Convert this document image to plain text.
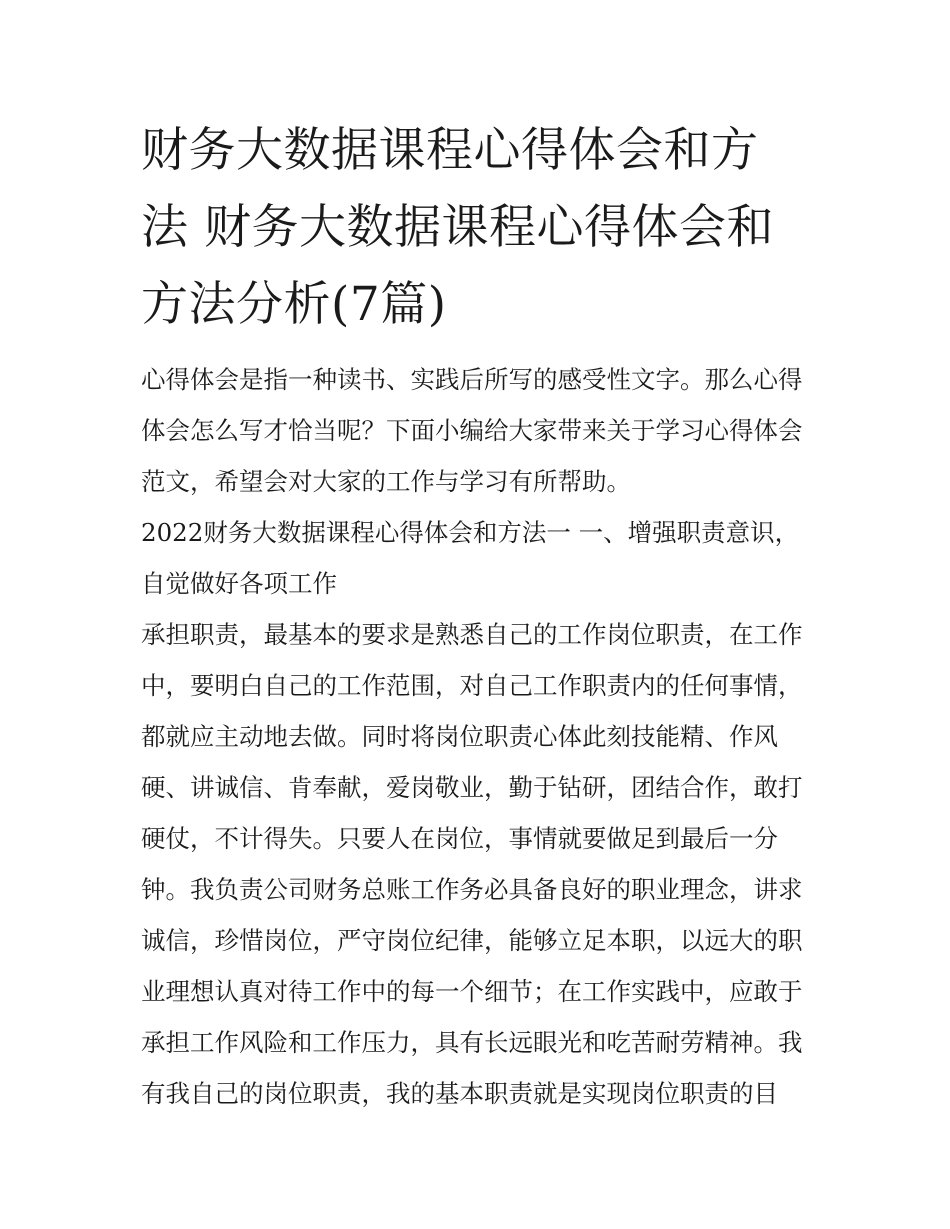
财务大数据课程心得体会和方
法 财务大数据课程心得体会和
方法分析(7篇)

心得体会是指一种读书、实践后所写的感受性文字。那么心得
体会怎么写才恰当呢？下面小编给大家带来关于学习心得体会
范文，希望会对大家的工作与学习有所帮助。

2022财务大数据课程心得体会和方法一 一、增强职责意识，
自觉做好各项工作

承担职责，最基本的要求是熟悉自己的工作岗位职责，在工作
中，要明白自己的工作范围，对自己工作职责内的任何事情，
都就应主动地去做。同时将岗位职责心体此刻技能精、作风
硬、讲诚信、肯奉献，爱岗敬业，勤于钻研，团结合作，敢打
硬仗，不计得失。只要人在岗位，事情就要做足到最后一分
钟。我负责公司财务总账工作务必具备良好的职业理念，讲求
诚信，珍惜岗位，严守岗位纪律，能够立足本职，以远大的职
业理想认真对待工作中的每一个细节；在工作实践中，应敢于
承担工作风险和工作压力，具有长远眼光和吃苦耐劳精神。我
有我自己的岗位职责，我的基本职责就是实现岗位职责的目
